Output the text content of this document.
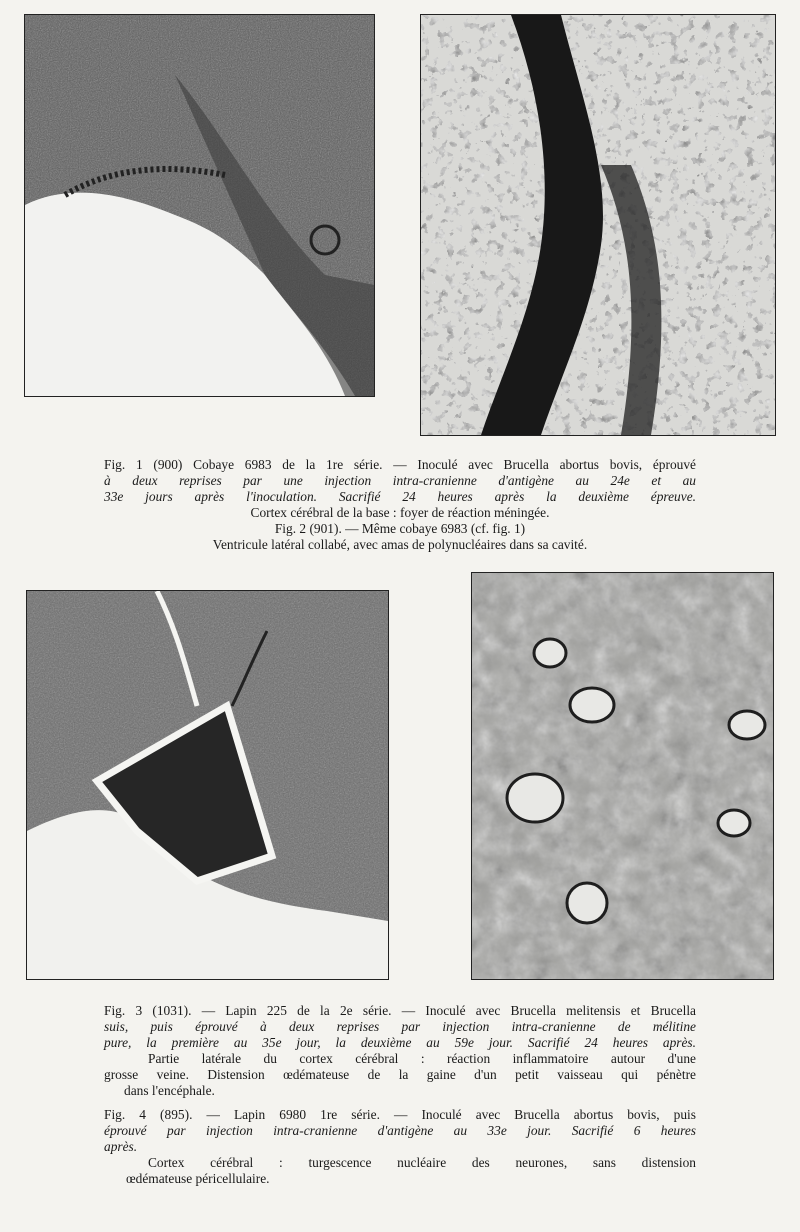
Fig. 1 (900) Cobaye 6983 de la 1re série. — Inoculé avec Brucella abortus bovis, éprouvé
à deux reprises par une injection intra-cranienne d'antigène au 24e et au
33e jours après l'inoculation. Sacrifié 24 heures après la deuxième épreuve.
Cortex cérébral de la base : foyer de réaction méningée.
Fig. 2 (901). — Même cobaye 6983 (cf. fig. 1)
Ventricule latéral collabé, avec amas de polynucléaires dans sa cavité.
Fig. 3 (1031). — Lapin 225 de la 2e série. — Inoculé avec Brucella melitensis et Brucella
suis, puis éprouvé à deux reprises par injection intra-cranienne de mélitine
pure, la première au 35e jour, la deuxième au 59e jour. Sacrifié 24 heures après.
Partie latérale du cortex cérébral : réaction inflammatoire autour d'une
grosse veine. Distension œdémateuse de la gaine d'un petit vaisseau qui pénètre
dans l'encéphale.
Fig. 4 (895). — Lapin 6980 1re série. — Inoculé avec Brucella abortus bovis, puis
éprouvé par injection intra-cranienne d'antigène au 33e jour. Sacrifié 6 heures
après.
Cortex cérébral : turgescence nucléaire des neurones, sans distension
œdémateuse péricellulaire.
